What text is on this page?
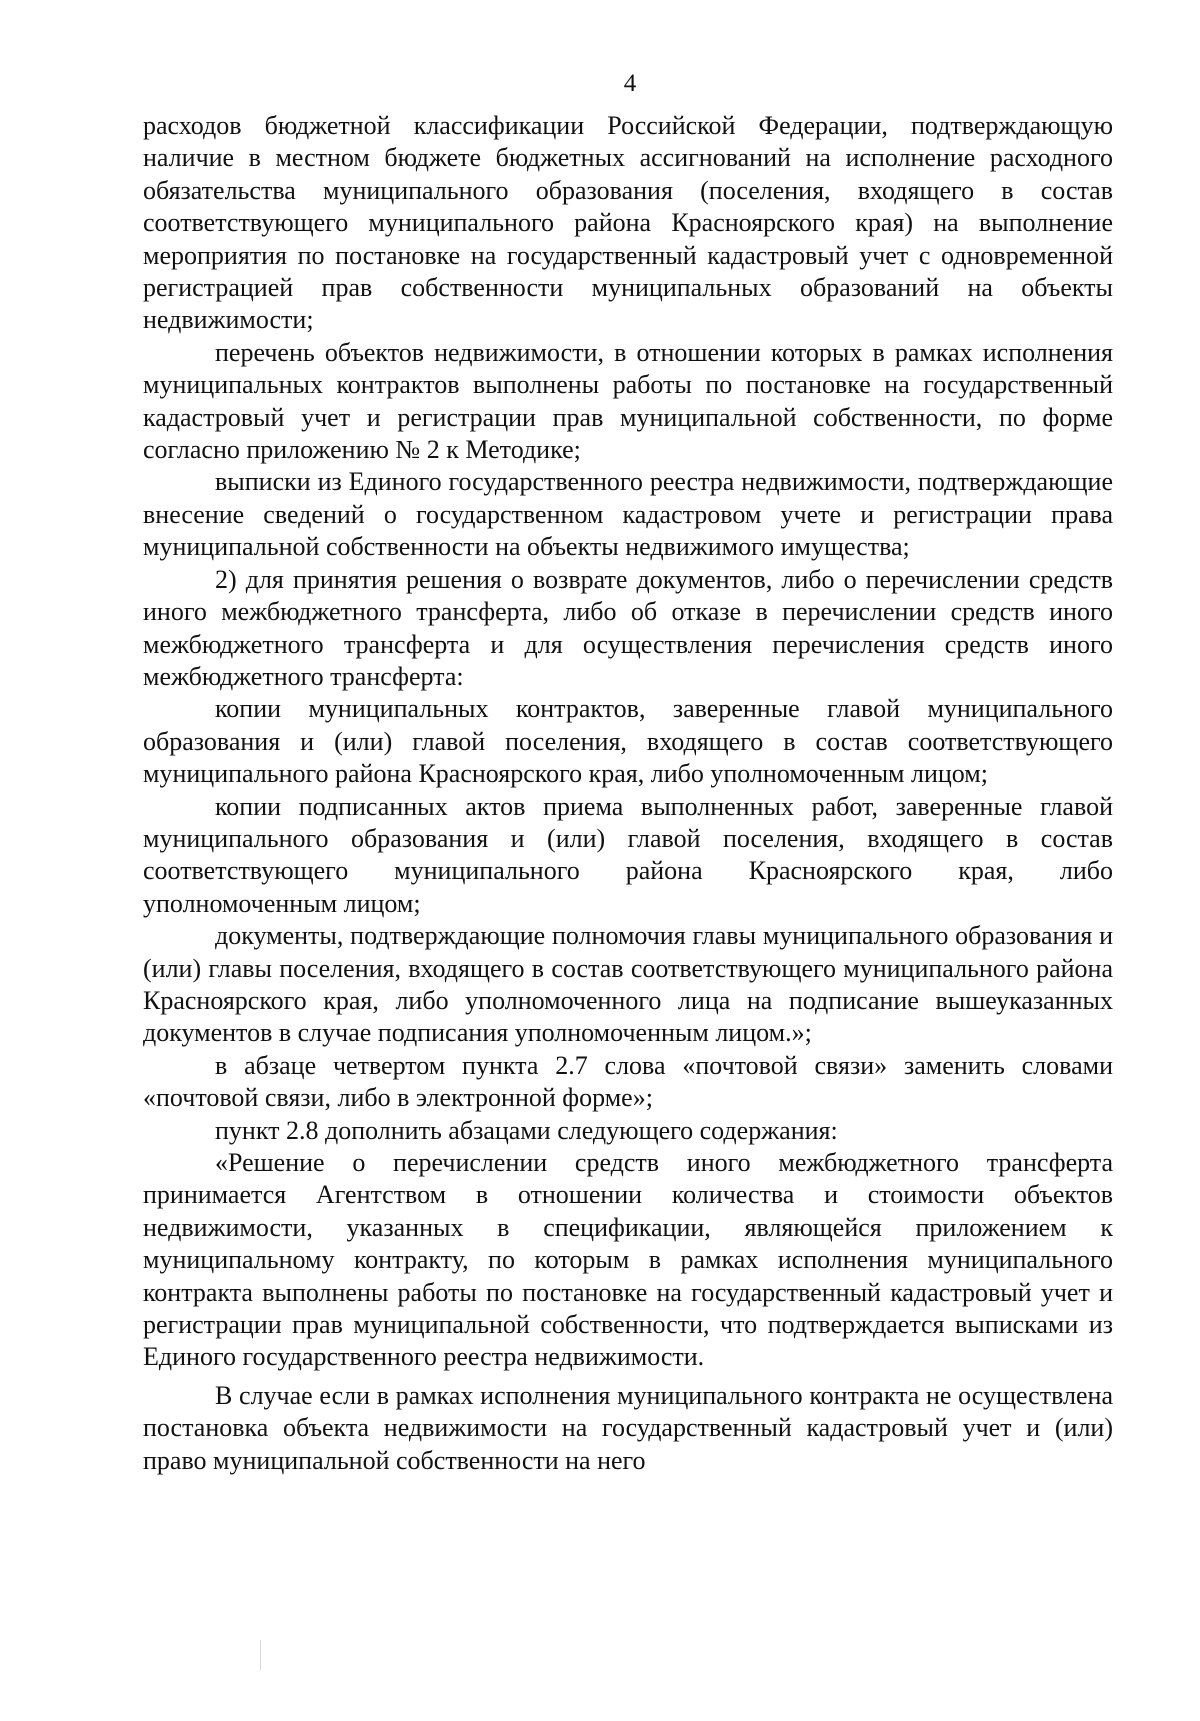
4

расходов бюджетной классификации Российской Федерации, подтверждающую наличие в местном бюджете бюджетных ассигнований на исполнение расходного обязательства муниципального образования (поселения, входящего в состав соответствующего муниципального района Красноярского края) на выполнение мероприятия по постановке на государственный кадастровый учет с одновременной регистрацией прав собственности муниципальных образований на объекты недвижимости;

перечень объектов недвижимости, в отношении которых в рамках исполнения муниципальных контрактов выполнены работы по постановке на государственный кадастровый учет и регистрации прав муниципальной собственности, по форме согласно приложению № 2 к Методике;

выписки из Единого государственного реестра недвижимости, подтверждающие внесение сведений о государственном кадастровом учете и регистрации права муниципальной собственности на объекты недвижимого имущества;

2) для принятия решения о возврате документов, либо о перечислении средств иного межбюджетного трансферта, либо об отказе в перечислении средств иного межбюджетного трансферта и для осуществления перечисления средств иного межбюджетного трансферта:

копии муниципальных контрактов, заверенные главой муниципального образования и (или) главой поселения, входящего в состав соответствующего муниципального района Красноярского края, либо уполномоченным лицом;

копии подписанных актов приема выполненных работ, заверенные главой муниципального образования и (или) главой поселения, входящего в состав соответствующего муниципального района Красноярского края, либо уполномоченным лицом;

документы, подтверждающие полномочия главы муниципального образования и (или) главы поселения, входящего в состав соответствующего муниципального района Красноярского края, либо уполномоченного лица на подписание вышеуказанных документов в случае подписания уполномоченным лицом.»;

в абзаце четвертом пункта 2.7 слова «почтовой связи» заменить словами «почтовой связи, либо в электронной форме»;

пункт 2.8 дополнить абзацами следующего содержания:

«Решение о перечислении средств иного межбюджетного трансферта принимается Агентством в отношении количества и стоимости объектов недвижимости, указанных в спецификации, являющейся приложением к муниципальному контракту, по которым в рамках исполнения муниципального контракта выполнены работы по постановке на государственный кадастровый учет и регистрации прав муниципальной собственности, что подтверждается выписками из Единого государственного реестра недвижимости.

В случае если в рамках исполнения муниципального контракта не осуществлена постановка объекта недвижимости на государственный кадастровый учет и (или) право муниципальной собственности на него
